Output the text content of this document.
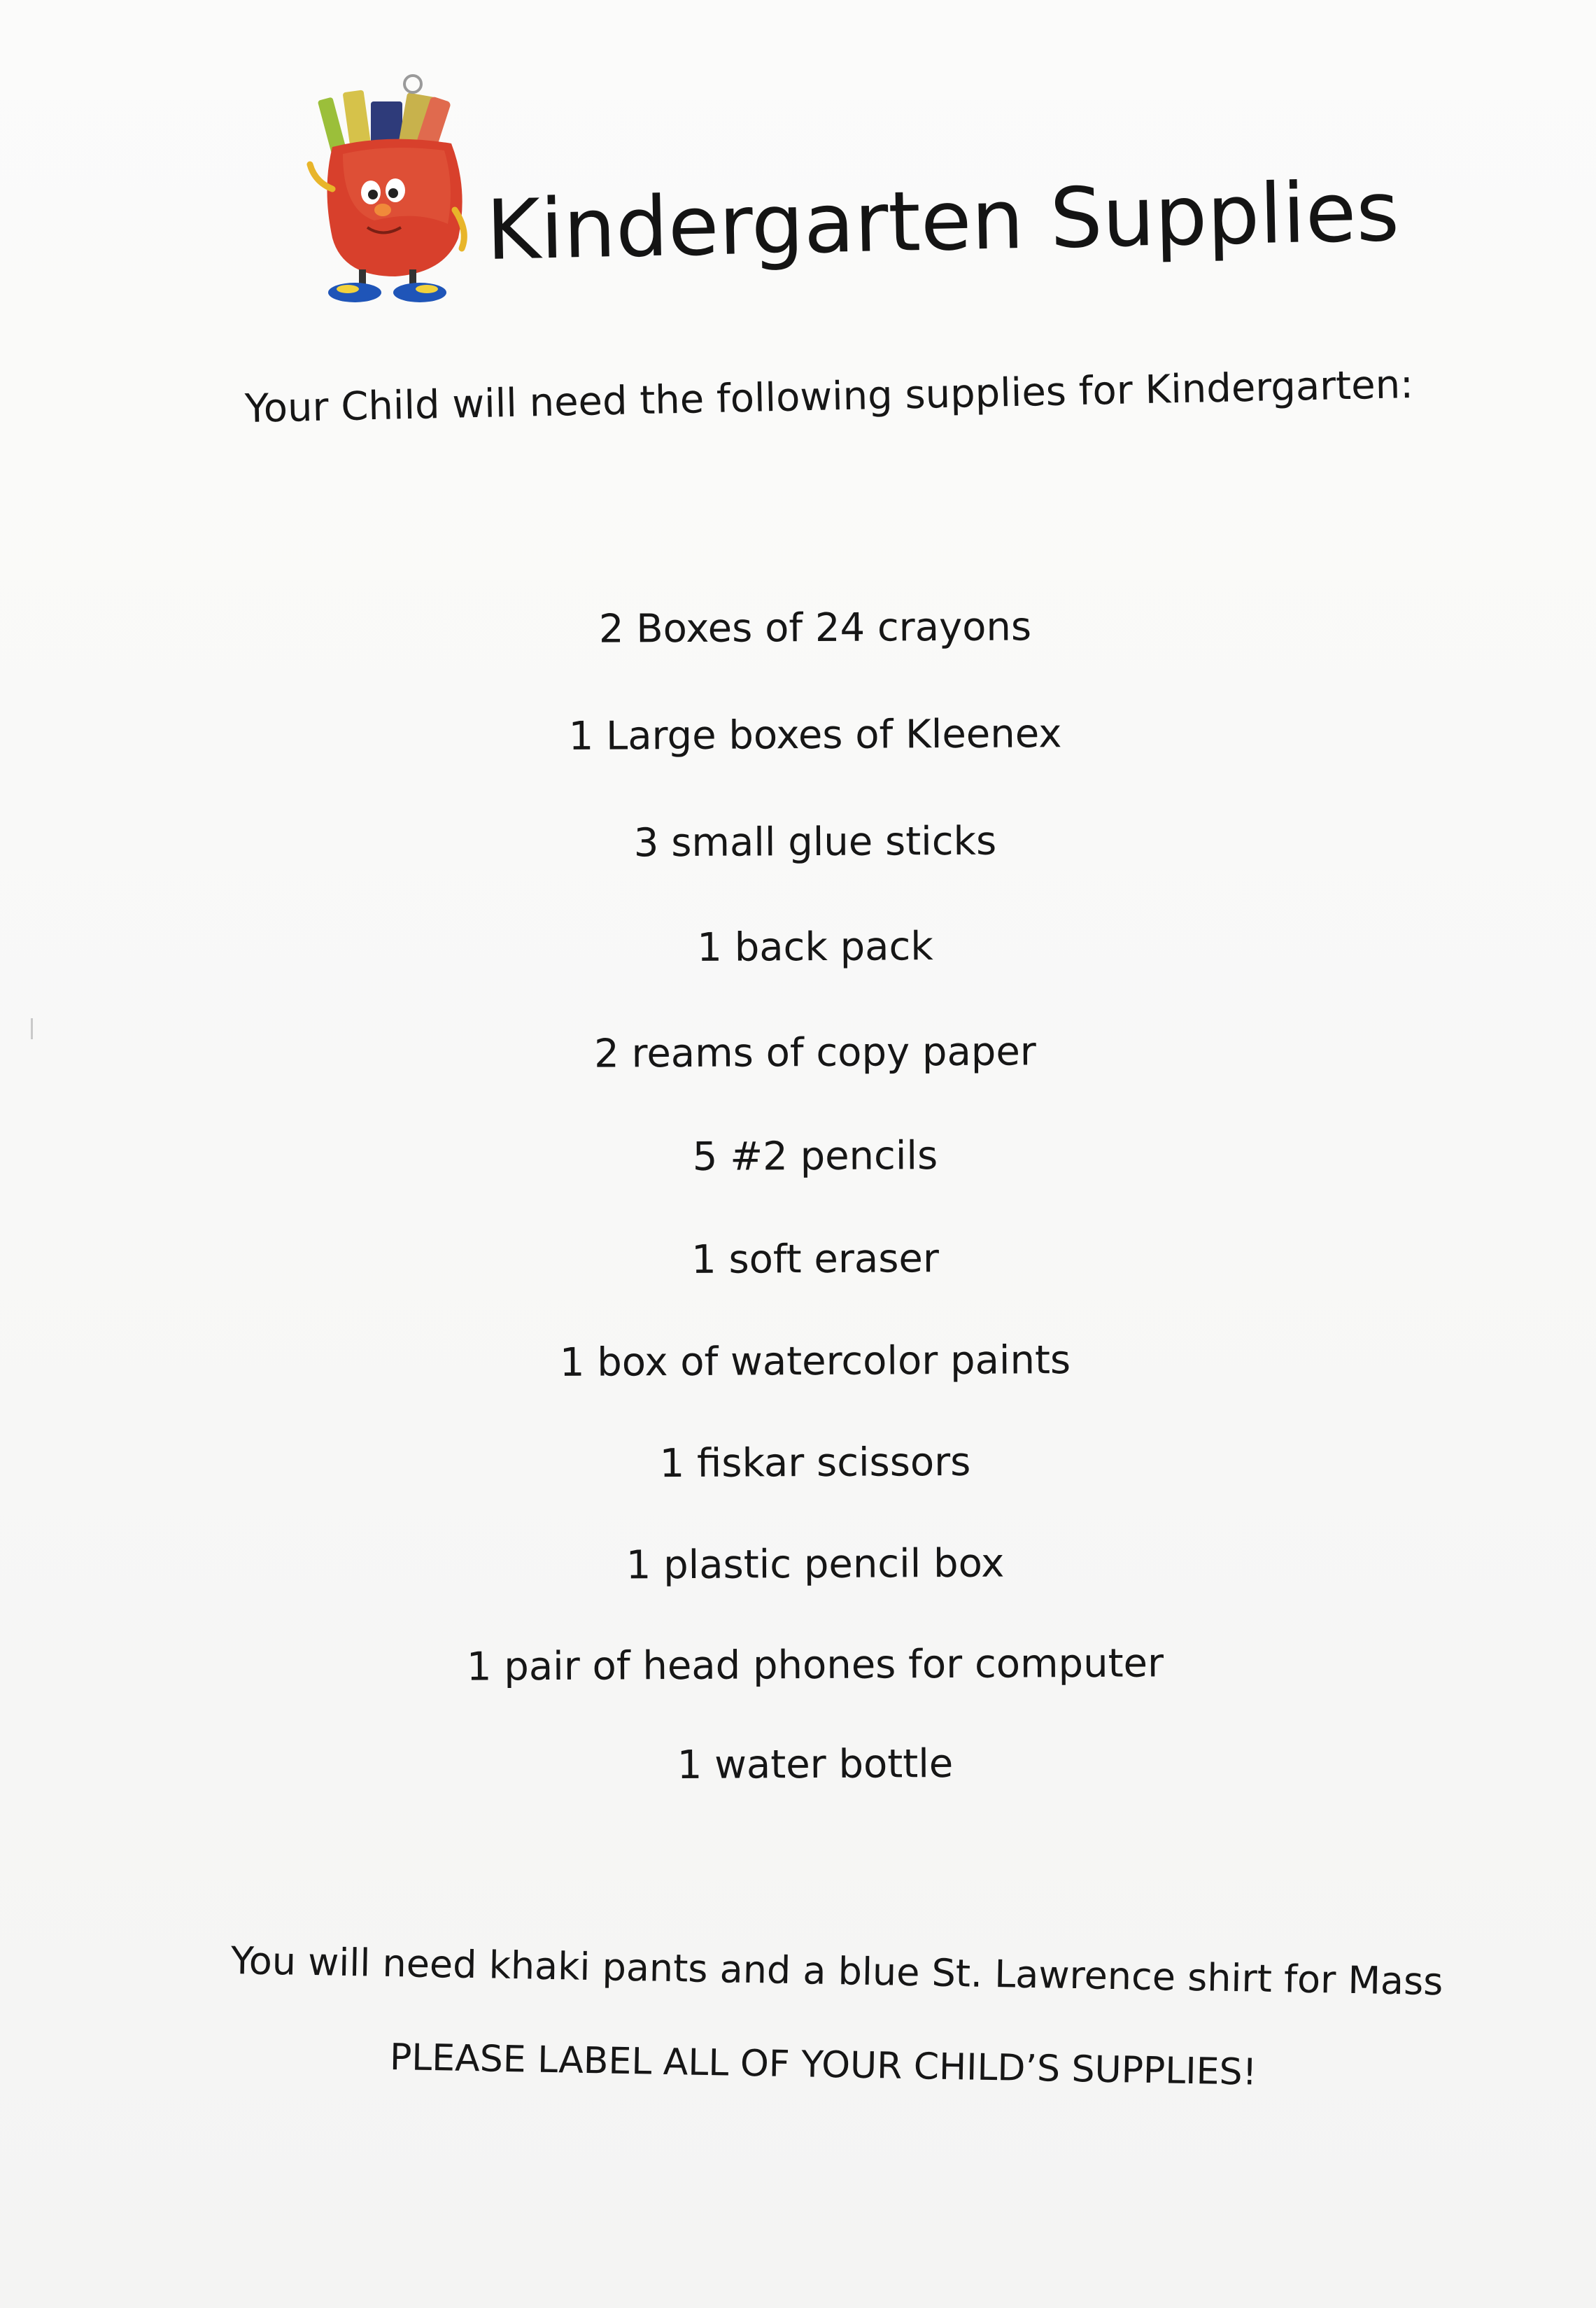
Kindergarten Supplies
Your Child will need the following supplies for Kindergarten:
2 Boxes of 24 crayons
1 Large boxes of Kleenex
3 small glue sticks
1 back pack
2 reams of copy paper
5 #2 pencils
1 soft eraser
1 box of watercolor paints
1 fiskar scissors
1 plastic pencil box
1 pair of head phones for computer
1 water bottle
You will need khaki pants and a blue St. Lawrence shirt for Mass
PLEASE LABEL ALL OF YOUR CHILD’S SUPPLIES!
